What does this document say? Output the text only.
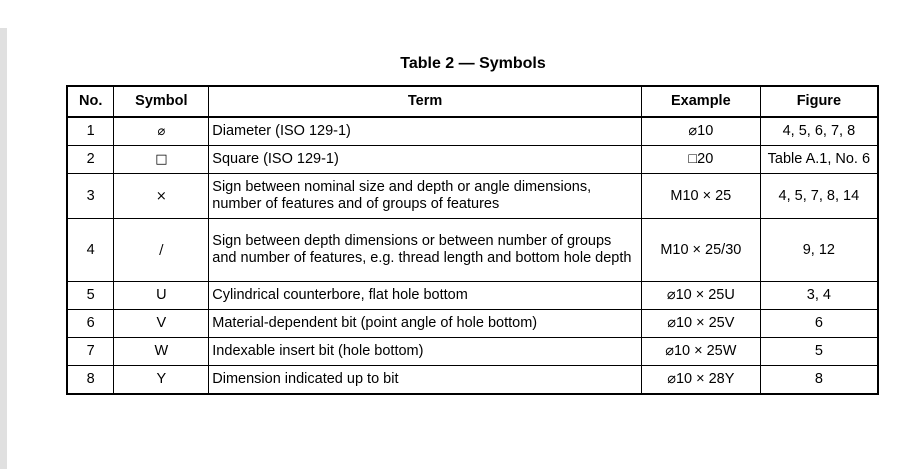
Table 2 — Symbols
No.	Symbol	Term	Example	Figure
1	⌀	Diameter (ISO 129-1)	⌀10	4, 5, 6, 7, 8
2	□	Square (ISO 129-1)	□20	Table A.1, No. 6
3	×	Sign between nominal size and depth or angle dimensions, number of features and of groups of features	M10 × 25	4, 5, 7, 8, 14
4	/	Sign between depth dimensions or between number of groups and number of features, e.g. thread length and bottom hole depth	M10 × 25/30	9, 12
5	U	Cylindrical counterbore, flat hole bottom	⌀10 × 25U	3, 4
6	V	Material-dependent bit (point angle of hole bottom)	⌀10 × 25V	6
7	W	Indexable insert bit (hole bottom)	⌀10 × 25W	5
8	Y	Dimension indicated up to bit	⌀10 × 28Y	8
